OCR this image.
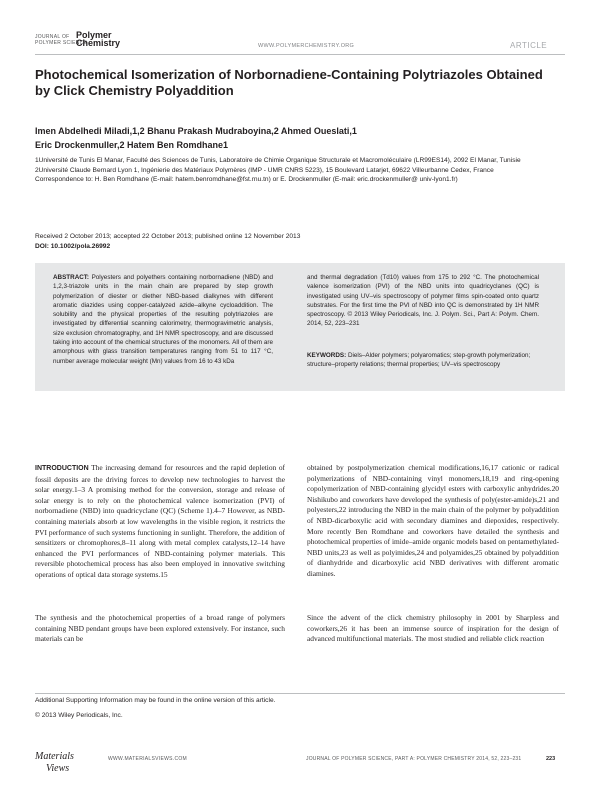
JOURNAL OF
POLYMER SCIENCE
Polymer
Chemistry	WWW.POLYMERCHEMISTRY.ORG	ARTICLE
Photochemical Isomerization of Norbornadiene-Containing Polytriazoles Obtained by Click Chemistry Polyaddition
Imen Abdelhedi Miladi,1,2 Bhanu Prakash Mudraboyina,2 Ahmed Oueslati,1
Eric Drockenmuller,2 Hatem Ben Romdhane1

1Université de Tunis El Manar, Faculté des Sciences de Tunis, Laboratoire de Chimie Organique Structurale et Macromoléculaire (LR99ES14), 2092 El Manar, Tunisie

2Université Claude Bernard Lyon 1, Ingénierie des Matériaux Polymères (IMP - UMR CNRS 5223), 15 Boulevard Latarjet, 69622 Villeurbanne Cedex, France

Correspondence to: H. Ben Romdhane (E-mail: hatem.benromdhane@fst.rnu.tn) or E. Drockenmuller (E-mail: eric.drockenmuller@ univ-lyon1.fr)

Received 2 October 2013; accepted 22 October 2013; published online 12 November 2013

DOI: 10.1002/pola.26992

ABSTRACT: Polyesters and polyethers containing norbornadiene (NBD) and 1,2,3-triazole units in the main chain are prepared by step growth polymerization of diester or diether NBD-based dialkynes with different aromatic diazides using copper-catalyzed azide–alkyne cycloaddition. The solubility and the physical properties of the resulting polytriazoles are investigated by differential scanning calorimetry, thermogravimetric analysis, size exclusion chromatography, and 1H NMR spectroscopy, and are discussed taking into account of the chemical structures of the monomers. All of them are amorphous with glass transition temperatures ranging from 51 to 117 °C, number average molecular weight (Mn) values from 16 to 43 kDa
and thermal degradation (Td10) values from 175 to 292 °C. The photochemical valence isomerization (PVI) of the NBD units into quadricyclanes (QC) is investigated using UV–vis spectroscopy of polymer films spin-coated onto quartz substrates. For the first time the PVI of NBD into QC is demonstrated by 1H NMR spectroscopy. © 2013 Wiley Periodicals, Inc. J. Polym. Sci., Part A: Polym. Chem. 2014, 52, 223–231
KEYWORDS: Diels–Alder polymers; polyaromatics; step-growth polymerization; structure–property relations; thermal properties; UV–vis spectroscopy
INTRODUCTION The increasing demand for resources and the rapid depletion of fossil deposits are the driving forces to develop new technologies to harvest the solar energy.1–3 A promising method for the conversion, storage and release of solar energy is to rely on the photochemical valence isomerization (PVI) of norbornadiene (NBD) into quadricyclane (QC) (Scheme 1).4–7 However, as NBD-containing materials absorb at low wavelengths in the visible region, it restricts the PVI performance of such systems functioning in sunlight. Therefore, the addition of sensitizers or chromophores,8–11 along with metal complex catalysts,12–14 have enhanced the PVI performances of NBD-containing polymer materials. This reversible photochemical process has also been employed in innovative switching operations of optical data storage systems.15
The synthesis and the photochemical properties of a broad range of polymers containing NBD pendant groups have been explored extensively. For instance, such materials can be
obtained by postpolymerization chemical modifications,16,17 cationic or radical polymerizations of NBD-containing vinyl monomers,18,19 and ring-opening copolymerization of NBD-containing glycidyl esters with carboxylic anhydrides.20 Nishikubo and coworkers have developed the synthesis of poly(ester-amide)s,21 and polyesters,22 introducing the NBD in the main chain of the polymer by polyaddition of NBD-dicarboxylic acid with secondary diamines and diepoxides, respectively. More recently Ben Romdhane and coworkers have detailed the synthesis and photochemical properties of imide–amide organic models based on pentamethylated-NBD units,23 as well as polyimides,24 and polyamides,25 obtained by polyaddition of dianhydride and dicarboxylic acid NBD derivatives with different aromatic diamines.
Since the advent of the click chemistry philosophy in 2001 by Sharpless and coworkers,26 it has been an immense source of inspiration for the design of advanced multifunctional materials. The most studied and reliable click reaction
Additional Supporting Information may be found in the online version of this article.
© 2013 Wiley Periodicals, Inc.
Materials
Views
WWW.MATERIALSVIEWS.COM	JOURNAL OF POLYMER SCIENCE, PART A: POLYMER CHEMISTRY 2014, 52, 223–231	223
